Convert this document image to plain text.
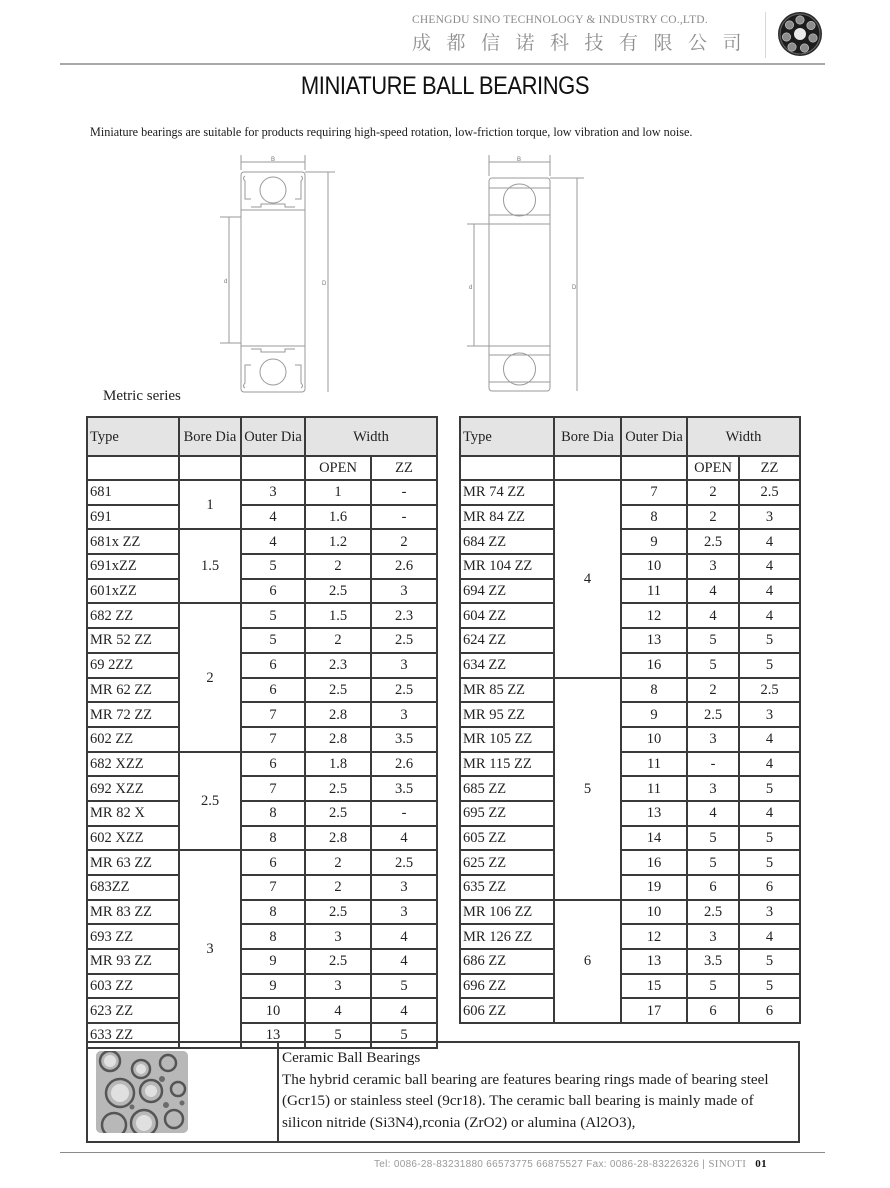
CHENGDU SINO TECHNOLOGY & INDUSTRY CO.,LTD.
成都信诺科技有限公司
MINIATURE BALL BEARINGS
Miniature bearings are suitable for products requiring high-speed rotation, low-friction torque, low vibration and low noise.
B
D
d
B
D
d
Metric series
Type	Bore Dia	Outer Dia	Width	
			OPEN	ZZ
681	1	3	1	-
691		4	1.6	-
681x ZZ	1.5	4	1.2	2
691xZZ		5	2	2.6
601xZZ		6	2.5	3
682 ZZ	2	5	1.5	2.3
MR 52 ZZ		5	2	2.5
69 2ZZ		6	2.3	3
MR 62 ZZ		6	2.5	2.5
MR 72 ZZ		7	2.8	3
602 ZZ		7	2.8	3.5
682 XZZ	2.5	6	1.8	2.6
692 XZZ		7	2.5	3.5
MR 82 X		8	2.5	-
602 XZZ		8	2.8	4
MR 63 ZZ	3	6	2	2.5
683ZZ		7	2	3
MR 83 ZZ		8	2.5	3
693 ZZ		8	3	4
MR 93 ZZ		9	2.5	4
603 ZZ		9	3	5
623 ZZ		10	4	4
633 ZZ		13	5	5
Type	Bore Dia	Outer Dia	Width	
			OPEN	ZZ
MR 74 ZZ	4	7	2	2.5
MR 84 ZZ		8	2	3
684 ZZ		9	2.5	4
MR 104 ZZ		10	3	4
694 ZZ		11	4	4
604 ZZ		12	4	4
624 ZZ		13	5	5
634 ZZ		16	5	5
MR 85 ZZ	5	8	2	2.5
MR 95 ZZ		9	2.5	3
MR 105 ZZ		10	3	4
MR 115 ZZ		11	-	4
685 ZZ		11	3	5
695 ZZ		13	4	4
605 ZZ		14	5	5
625 ZZ		16	5	5
635 ZZ		19	6	6
MR 106 ZZ	6	10	2.5	3
MR 126 ZZ		12	3	4
686 ZZ		13	3.5	5
696 ZZ		15	5	5
606 ZZ		17	6	6
Ceramic Ball Bearings
The hybrid ceramic ball bearing are features bearing rings made of bearing steel (Gcr15) or stainless steel (9cr18). The ceramic ball bearing is mainly made of silicon nitride (Si3N4),rconia (ZrO2) or alumina (Al2O3),
Tel: 0086-28-83231880 66573775 66875527 Fax: 0086-28-83226326 | SINOTI 01
